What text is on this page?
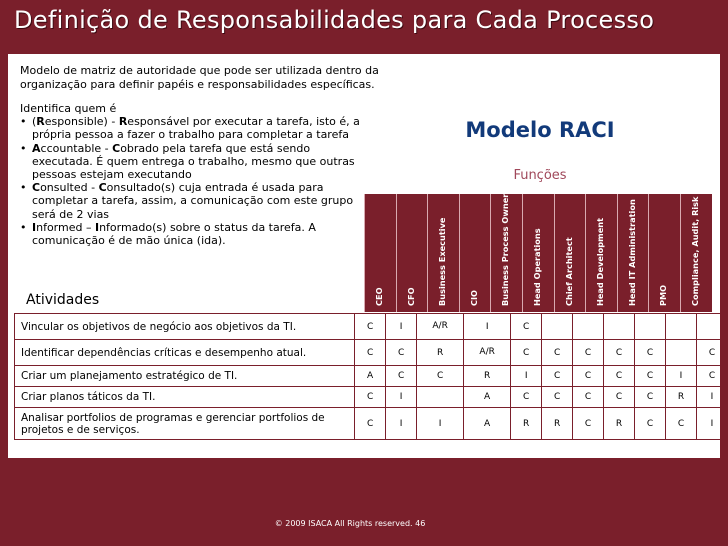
Definição de Responsabilidades para Cada Processo
Modelo de matriz de autoridade que pode ser utilizada dentro da organização para definir papéis e responsabilidades específicas.
Identifica quem é
• (Responsible) - Responsável por executar a tarefa, isto é, a própria pessoa a fazer o trabalho para completar a tarefa
• Accountable - Cobrado pela tarefa que está sendo executada. É quem entrega o trabalho, mesmo que outras pessoas estejam executando
• Consulted - Consultado(s) cuja entrada é usada para completar a tarefa, assim, a comunicação com este grupo será de 2 vias
• Informed – Informado(s) sobre o status da tarefa. A comunicação é de mão única (ida).
Modelo RACI
Funções
Atividades	CEO	CFO	Business Executive	CIO	Business Process Owner	Head Operations	Chief Architect	Head Development	Head IT Administration	PMO	Compliance, Audit, Risk and Security
Vincular os objetivos de negócio aos objetivos da TI.	C	I	A/R	I	C						
Identificar dependências críticas e desempenho atual.	C	C	R	A/R	C	C	C	C	C		C
Criar um planejamento estratégico de TI.	A	C	C	R	I	C	C	C	C	I	C
Criar planos táticos da TI.	C	I		A	C	C	C	C	C	R	I
Analisar portfolios de programas e gerenciar portfolios de projetos e de serviços.	C	I	I	A	R	R	C	R	C	C	I
© 2009 ISACA All Rights reserved. 46
